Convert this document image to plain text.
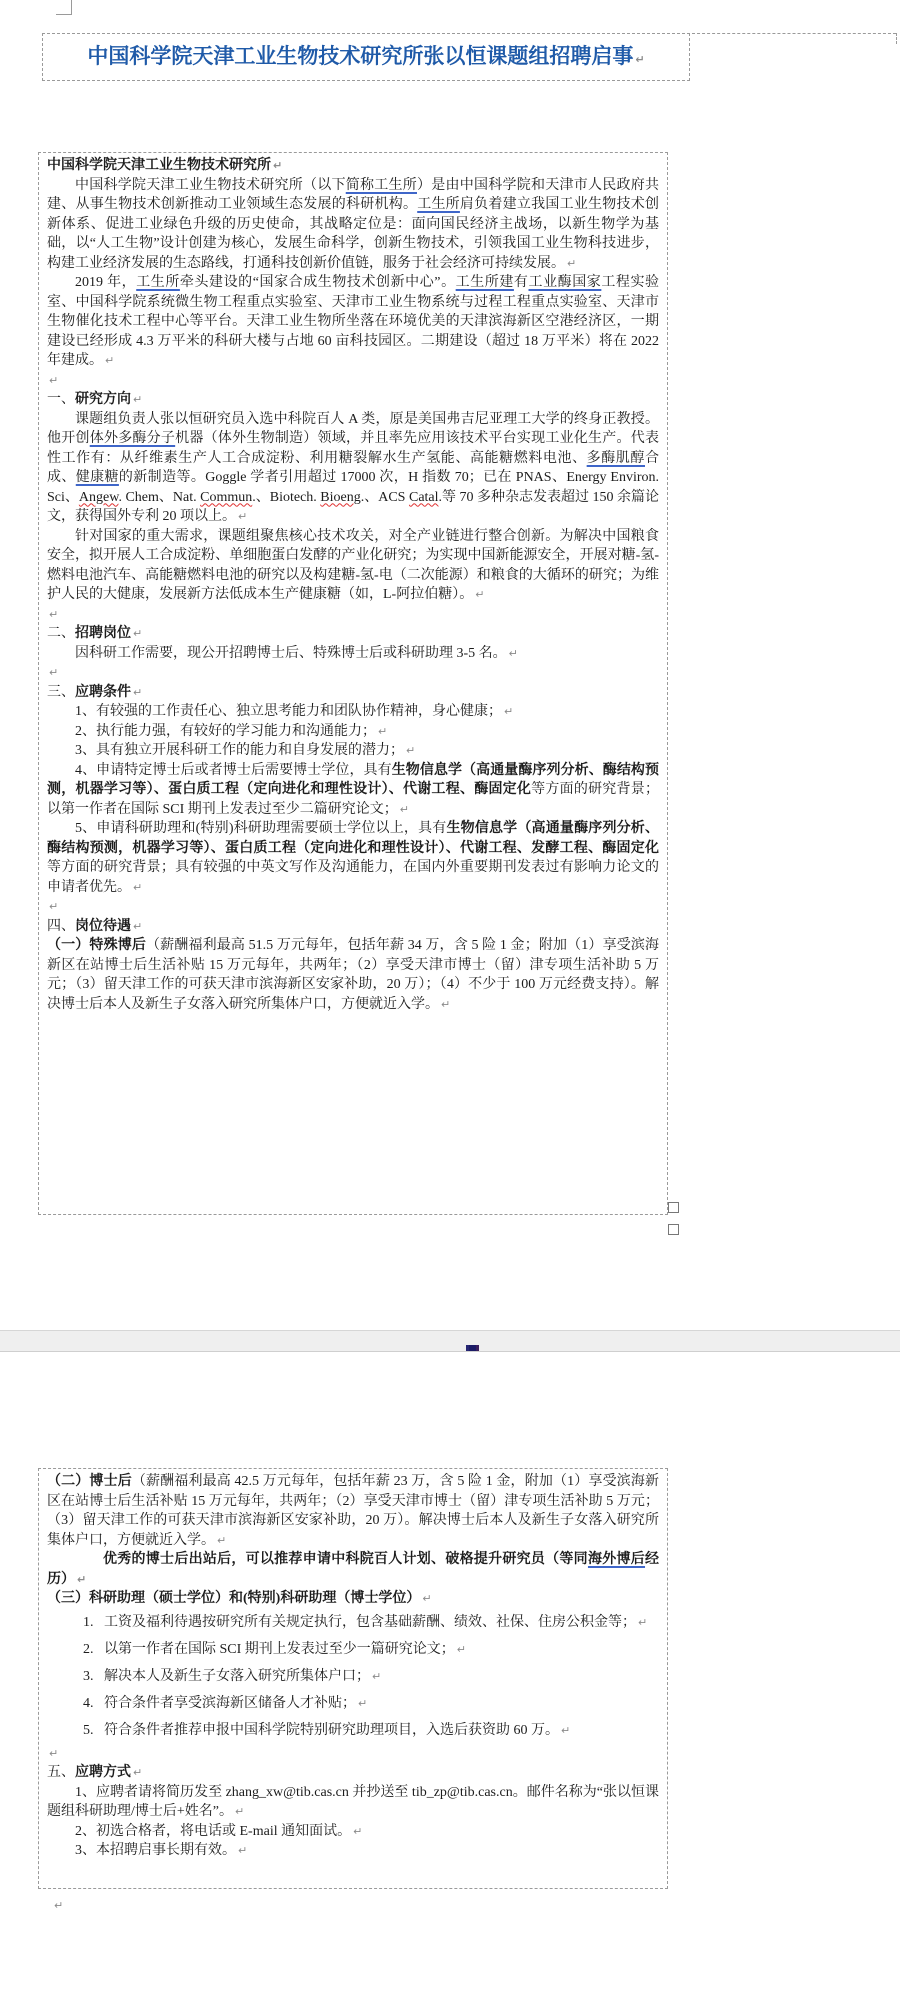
中国科学院天津工业生物技术研究所张以恒课题组招聘启事 ↵

中国科学院天津工业生物技术研究所 ↵

中国科学院天津工业生物技术研究所（以下简称工生所）是由中国科学院和天津市人民政府共建、从事生物技术创新推动工业领域生态发展的科研机构。工生所肩负着建立我国工业生物技术创新体系、促进工业绿色升级的历史使命，其战略定位是：面向国民经济主战场，以新生物学为基础，以“人工生物”设计创建为核心，发展生命科学，创新生物技术，引领我国工业生物科技进步，构建工业经济发展的生态路线，打通科技创新价值链，服务于社会经济可持续发展。 ↵

2019 年，工生所牵头建设的“国家合成生物技术创新中心”。工生所建有工业酶国家工程实验室、中国科学院系统微生物工程重点实验室、天津市工业生物系统与过程工程重点实验室、天津市生物催化技术工程中心等平台。天津工业生物所坐落在环境优美的天津滨海新区空港经济区，一期建设已经形成 4.3 万平米的科研大楼与占地 60 亩科技园区。二期建设（超过 18 万平米）将在 2022 年建成。 ↵

↵

一、研究方向 ↵

课题组负责人张以恒研究员入选中科院百人 A 类，原是美国弗吉尼亚理工大学的终身正教授。他开创体外多酶分子机器（体外生物制造）领域，并且率先应用该技术平台实现工业化生产。代表性工作有：从纤维素生产人工合成淀粉、利用糖裂解水生产氢能、高能糖燃料电池、多酶肌醇合成、健康糖的新制造等。Goggle 学者引用超过 17000 次，H 指数 70；已在 PNAS、Energy Environ. Sci、Angew. Chem、Nat. Commun.、Biotech. Bioeng.、ACS Catal.等 70 多种杂志发表超过 150 余篇论文，获得国外专利 20 项以上。 ↵

针对国家的重大需求，课题组聚焦核心技术攻关，对全产业链进行整合创新。为解决中国粮食安全，拟开展人工合成淀粉、单细胞蛋白发酵的产业化研究；为实现中国新能源安全，开展对糖-氢-燃料电池汽车、高能糖燃料电池的研究以及构建糖-氢-电（二次能源）和粮食的大循环的研究；为维护人民的大健康，发展新方法低成本生产健康糖（如，L-阿拉伯糖）。 ↵

↵

二、招聘岗位 ↵

因科研工作需要，现公开招聘博士后、特殊博士后或科研助理 3-5 名。 ↵

↵

三、应聘条件 ↵

1、有较强的工作责任心、独立思考能力和团队协作精神，身心健康； ↵

2、执行能力强，有较好的学习能力和沟通能力； ↵

3、具有独立开展科研工作的能力和自身发展的潜力； ↵

4、申请特定博士后或者博士后需要博士学位，具有生物信息学（高通量酶序列分析、酶结构预测，机器学习等）、蛋白质工程（定向进化和理性设计）、代谢工程、酶固定化等方面的研究背景；以第一作者在国际 SCI 期刊上发表过至少二篇研究论文； ↵

5、申请科研助理和(特别)科研助理需要硕士学位以上，具有生物信息学（高通量酶序列分析、酶结构预测，机器学习等）、蛋白质工程（定向进化和理性设计）、代谢工程、发酵工程、酶固定化等方面的研究背景；具有较强的中英文写作及沟通能力，在国内外重要期刊发表过有影响力论文的申请者优先。 ↵

↵

四、岗位待遇 ↵

（一）特殊博后（薪酬福利最高 51.5 万元每年，包括年薪 34 万，含 5 险 1 金；附加（1）享受滨海新区在站博士后生活补贴 15 万元每年，共两年；（2）享受天津市博士（留）津专项生活补助 5 万元；（3）留天津工作的可获天津市滨海新区安家补助，20 万）；（4）不少于 100 万元经费支持）。解决博士后本人及新生子女落入研究所集体户口，方便就近入学。 ↵

（二）博士后（薪酬福利最高 42.5 万元每年，包括年薪 23 万，含 5 险 1 金，附加（1）享受滨海新区在站博士后生活补贴 15 万元每年，共两年；（2）享受天津市博士（留）津专项生活补助 5 万元；（3）留天津工作的可获天津市滨海新区安家补助，20 万）。解决博士后本人及新生子女落入研究所集体户口，方便就近入学。 ↵

优秀的博士后出站后，可以推荐申请中科院百人计划、破格提升研究员（等同海外博后经历） ↵

（三）科研助理（硕士学位）和(特别)科研助理（博士学位） ↵

1.   工资及福利待遇按研究所有关规定执行，包含基础薪酬、绩效、社保、住房公积金等； ↵

2.   以第一作者在国际 SCI 期刊上发表过至少一篇研究论文； ↵

3.   解决本人及新生子女落入研究所集体户口； ↵

4.   符合条件者享受滨海新区储备人才补贴； ↵

5.   符合条件者推荐申报中国科学院特别研究助理项目，入选后获资助 60 万。 ↵

↵

五、应聘方式 ↵

1、应聘者请将简历发至 zhang_xw@tib.cas.cn 并抄送至 tib_zp@tib.cas.cn。邮件名称为“张以恒课题组科研助理/博士后+姓名”。 ↵

2、初选合格者，将电话或 E-mail 通知面试。 ↵

3、本招聘启事长期有效。 ↵

↵
